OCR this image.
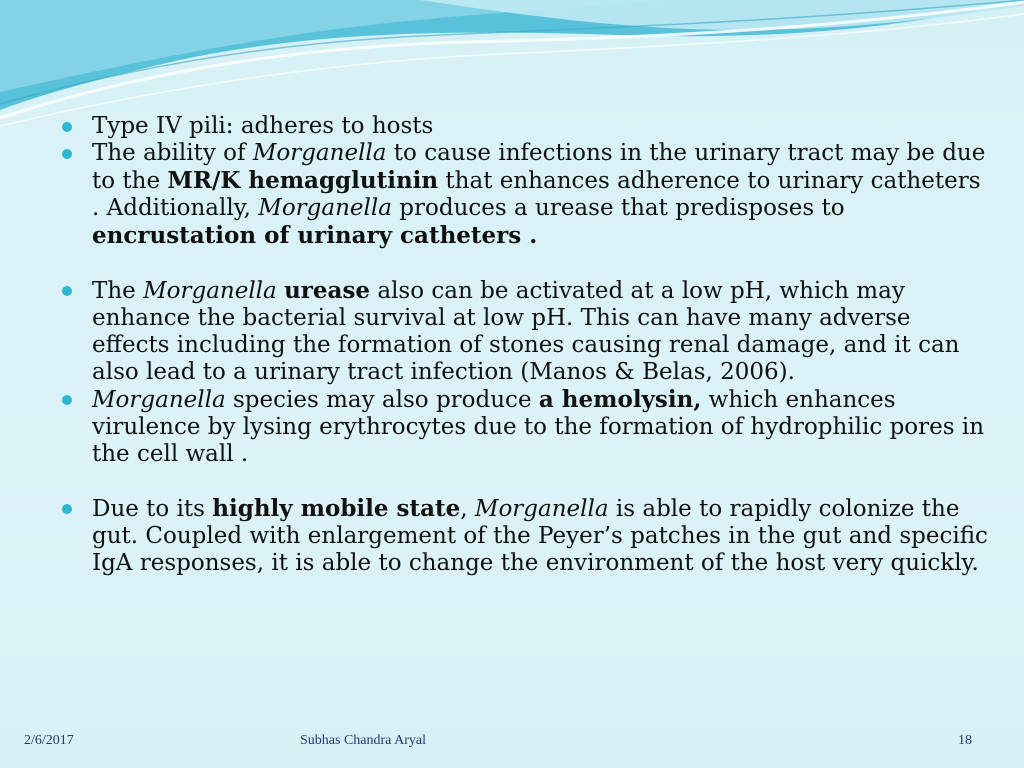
Type IV pili: adheres to hosts
The ability of Morganella to cause infections in the urinary tract may be due to the MR/K hemagglutinin that enhances adherence to urinary catheters . Additionally, Morganella produces a urease that predisposes to encrustation of urinary catheters .
The Morganella urease also can be activated at a low pH, which may enhance the bacterial survival at low pH. This can have many adverse effects including the formation of stones causing renal damage, and it can also lead to a urinary tract infection (Manos & Belas, 2006).
Morganella species may also produce a hemolysin, which enhances virulence by lysing erythrocytes due to the formation of hydrophilic pores in the cell wall .
Due to its highly mobile state, Morganella is able to rapidly colonize the gut. Coupled with enlargement of the Peyer’s patches in the gut and specific IgA responses, it is able to change the environment of the host very quickly.
2/6/2017	Subhas Chandra Aryal	18
